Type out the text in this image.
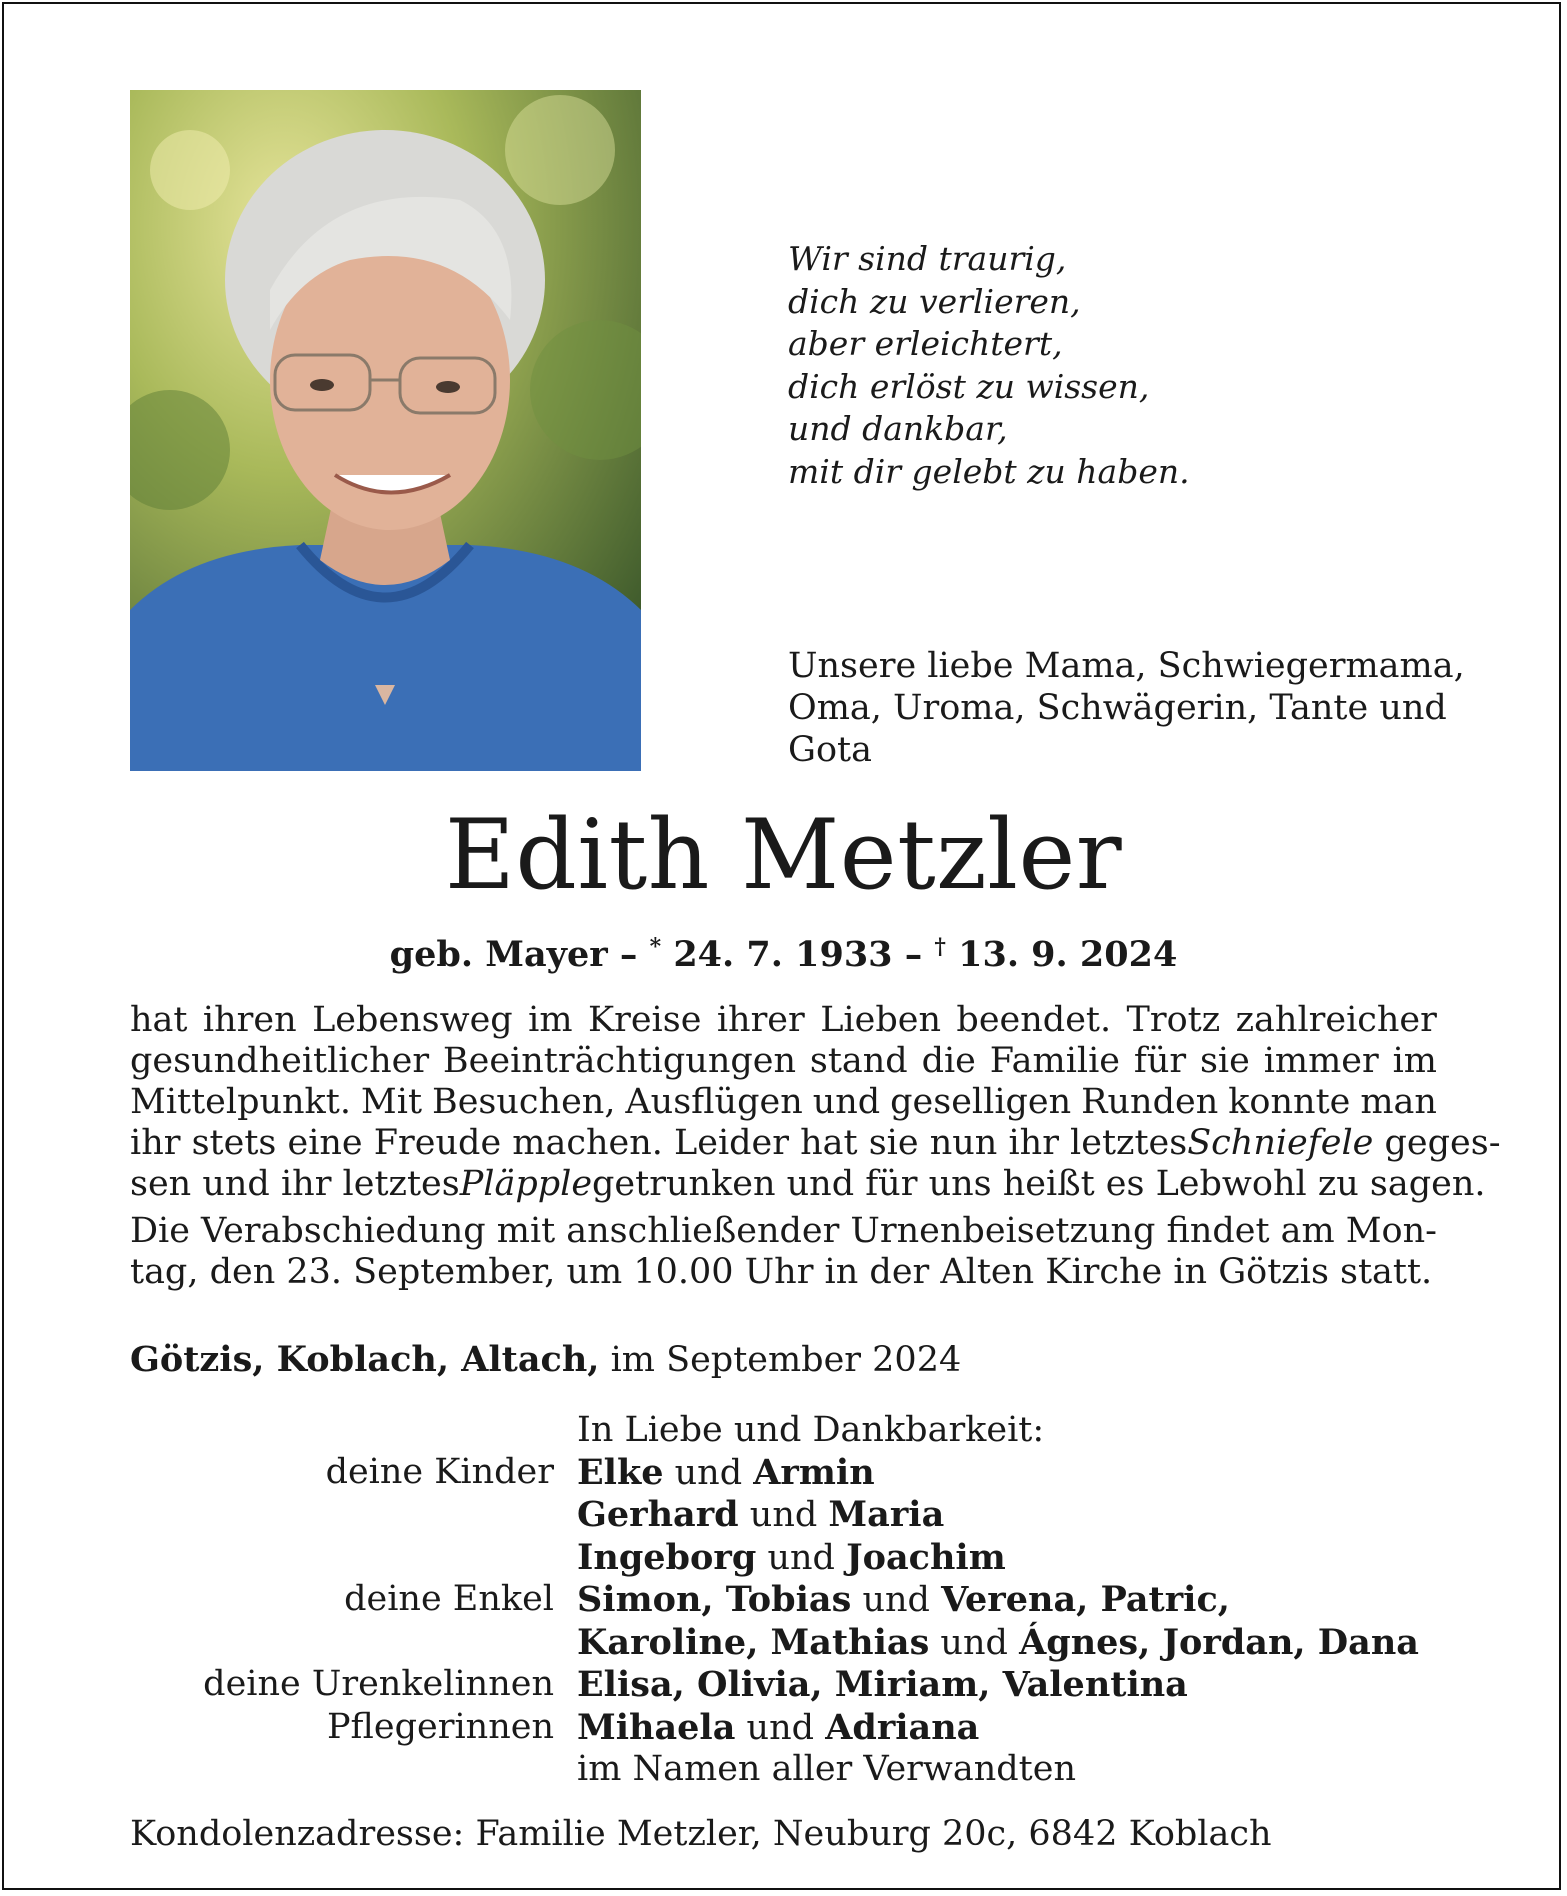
Wir sind traurig,
dich zu verlieren,
aber erleichtert,
dich erlöst zu wissen,
und dankbar,
mit dir gelebt zu haben.
Unsere liebe Mama, Schwiegermama,
Oma, Uroma, Schwägerin, Tante und
Gota
Edith Metzler
geb. Mayer – * 24. 7. 1933 – † 13. 9. 2024
hat ihren Lebensweg im Kreise ihrer Lieben beendet. Trotz zahlreicher
gesundheitlicher Beeinträchtigungen stand die Familie für sie immer im
Mittelpunkt. Mit Besuchen, Ausflügen und geselligen Runden konnte man
ihr stets eine Freude machen. Leider hat sie nun ihr letztes Schniefele geges-
sen und ihr letztes Pläpple getrunken und für uns heißt es Lebwohl zu sagen.
Die Verabschiedung mit anschließender Urnenbeisetzung findet am Mon-
tag, den 23. September, um 10.00 Uhr in der Alten Kirche in Götzis statt.
Götzis, Koblach, Altach, im September 2024
In Liebe und Dankbarkeit:
deine Kinder Elke und Armin
Gerhard und Maria
Ingeborg und Joachim
deine Enkel Simon, Tobias und Verena, Patric,
Karoline, Mathias und Ágnes, Jordan, Dana
deine Urenkelinnen Elisa, Olivia, Miriam, Valentina
Pflegerinnen Mihaela und Adriana
im Namen aller Verwandten
Kondolenzadresse: Familie Metzler, Neuburg 20c, 6842 Koblach
